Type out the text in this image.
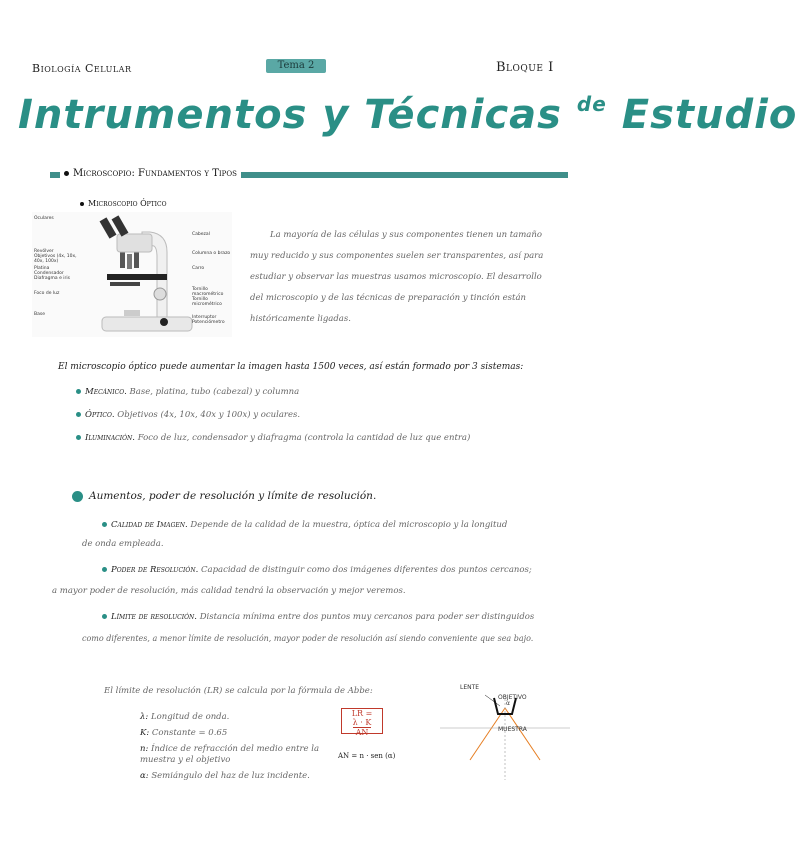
Biología Celular	Tema 2	Bloque I
Intrumentos y Técnicas $^{de}$ Estudio
Microscopio: Fundamentos y Tipos
Microscopio Óptico
Oculares
Revólver
Objetivos (4x, 10x, 40x, 100x)
Platina
Condensador
Diafragma e iris
Foco de luz
Base
Cabezal
Columna o brazo
Carro
Tornillo macrométrico
Tornillo micrométrico
Interruptor
Potenciómetro
La mayoría de las células y sus componentes tienen un tamaño
muy reducido y sus componentes suelen ser transparentes, así para
estudiar y observar las muestras usamos microscopio. El desarrollo
del microscopio y de las técnicas de preparación y tinción están
históricamente ligadas.
El microscopio óptico puede aumentar la imagen hasta 1500 veces, así están formado por 3 sistemas:
Mecánico. Base, platina, tubo (cabezal) y columna
Óptico. Objetivos (4x, 10x, 40x y 100x) y oculares.
Iluminación. Foco de luz, condensador y diafragma (controla la cantidad de luz que entra)
Aumentos, poder de resolución y límite de resolución.
Calidad de Imagen. Depende de la calidad de la muestra, óptica del microscopio y la longitud
de onda empleada.
Poder de Resolución. Capacidad de distinguir como dos imágenes diferentes dos puntos cercanos;
a mayor poder de resolución, más calidad tendrá la observación y mejor veremos.
Límite de resolución. Distancia mínima entre dos puntos muy cercanos para poder ser distinguidos
como diferentes, a menor límite de resolución, mayor poder de resolución así siendo conveniente que sea bajo.
El límite de resolución (LR) se calcula por la fórmula de Abbe:
λ: Longitud de onda.
K: Constante = 0.65
n: Índice de refracción del medio entre la muestra y el objetivo
α: Semiángulo del haz de luz incidente.
LR =
$\frac{\lambda \cdot K}{AN}$
AN = n · sen (α)
LENTE
OBJETIVO
MUESTRA
α
